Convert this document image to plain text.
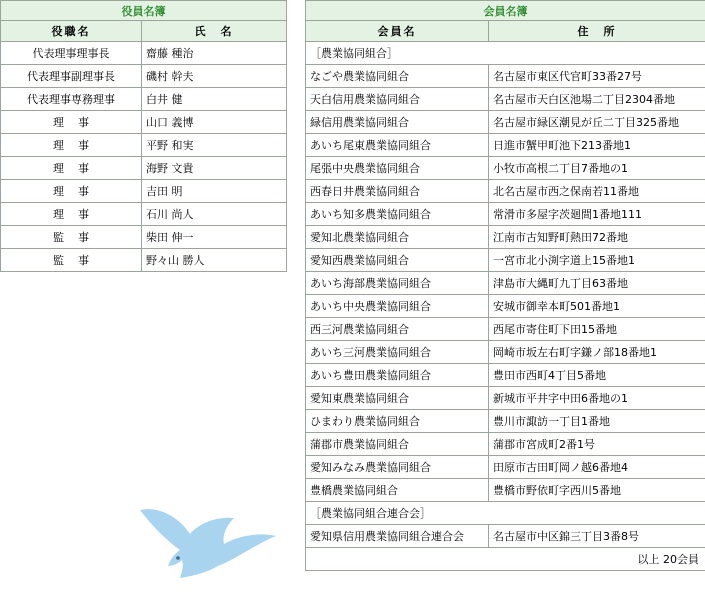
役員名簿	
役職名	氏　名
代表理事理事長	齋藤 種治
代表理事副理事長	磯村 幹夫
代表理事専務理事	白井 健
理事	山口 義博
理事	平野 和実
理事	海野 文貴
理事	吉田 明
理事	石川 尚人
監事	柴田 伸一
監事	野々山 勝人
会員名簿	
会員名	住　所
［農業協同組合］	
なごや農業協同組合	名古屋市東区代官町33番27号
天白信用農業協同組合	名古屋市天白区池場二丁目2304番地
緑信用農業協同組合	名古屋市緑区潮見が丘二丁目325番地
あいち尾東農業協同組合	日進市蟹甲町池下213番地1
尾張中央農業協同組合	小牧市高根二丁目7番地の1
西春日井農業協同組合	北名古屋市西之保南若11番地
あいち知多農業協同組合	常滑市多屋字茨廻間1番地111
愛知北農業協同組合	江南市古知野町熱田72番地
愛知西農業協同組合	一宮市北小渕字道上15番地1
あいち海部農業協同組合	津島市大縄町九丁目63番地
あいち中央農業協同組合	安城市御幸本町501番地1
西三河農業協同組合	西尾市寄住町下田15番地
あいち三河農業協同組合	岡崎市坂左右町字鎌ノ部18番地1
あいち豊田農業協同組合	豊田市西町4丁目5番地
愛知東農業協同組合	新城市平井字中田6番地の1
ひまわり農業協同組合	豊川市諏訪一丁目1番地
蒲郡市農業協同組合	蒲郡市宮成町2番1号
愛知みなみ農業協同組合	田原市古田町岡ノ越6番地4
豊橋農業協同組合	豊橋市野依町字西川5番地
［農業協同組合連合会］	
愛知県信用農業協同組合連合会	名古屋市中区錦三丁目3番8号
以上 20会員	
